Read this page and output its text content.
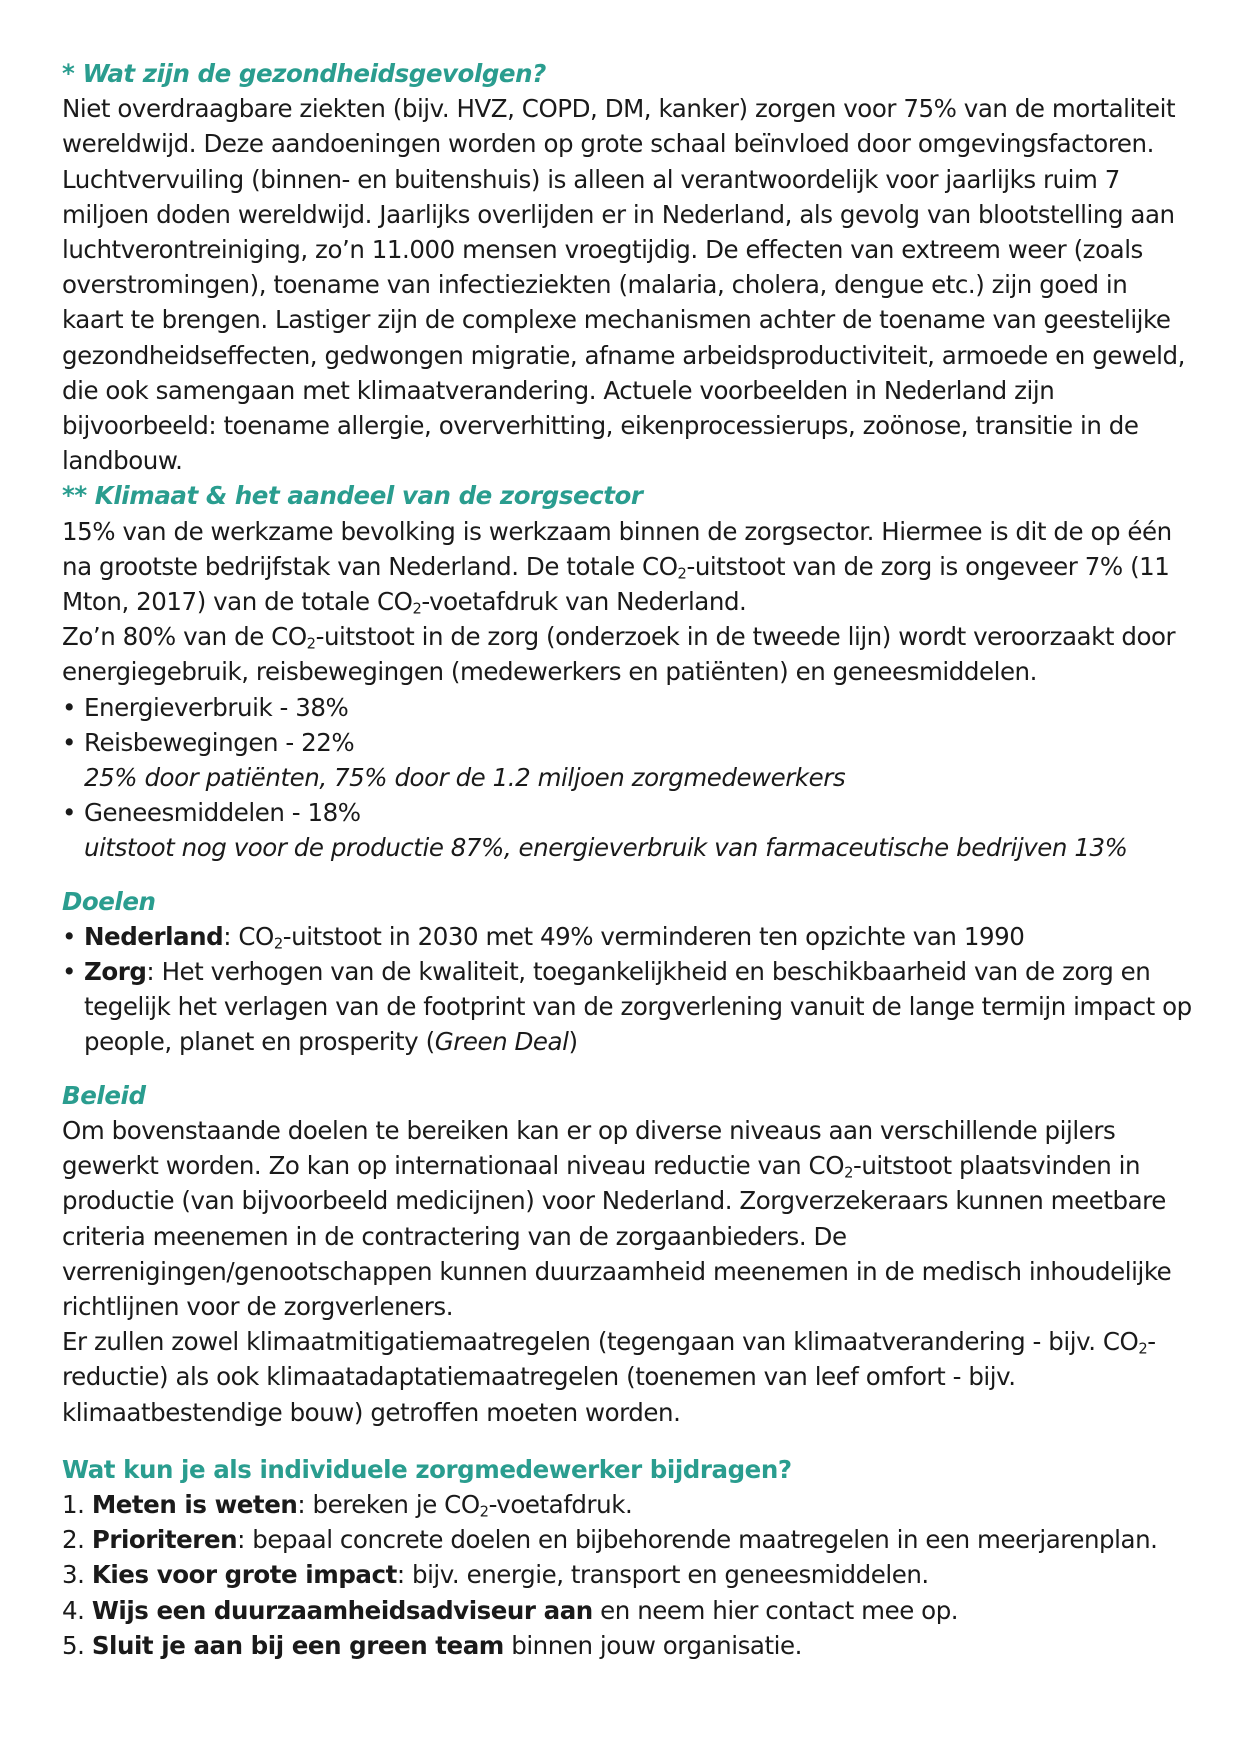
* Wat zijn de gezondheidsgevolgen?

Niet overdraagbare ziekten (bijv. HVZ, COPD, DM, kanker) zorgen voor 75% van de mortaliteit wereldwijd. Deze aandoeningen worden op grote schaal beïnvloed door omgevingsfactoren. Luchtvervuiling (binnen- en buitenshuis) is alleen al verantwoordelijk voor jaarlijks ruim 7 miljoen doden wereldwijd. Jaarlijks overlijden er in Nederland, als gevolg van blootstelling aan luchtverontreiniging, zo’n 11.000 mensen vroegtijdig. De effecten van extreem weer (zoals overstromingen), toename van infectieziekten (malaria, cholera, dengue etc.) zijn goed in kaart te brengen. Lastiger zijn de complexe mechanismen achter de toename van geestelijke gezondheidseffecten, gedwongen migratie, afname arbeidsproductiviteit, armoede en geweld, die ook samengaan met klimaatverandering. Actuele voorbeelden in Nederland zijn bijvoorbeeld: toename allergie, oververhitting, eikenprocessierups, zoönose, transitie in de landbouw.

** Klimaat & het aandeel van de zorgsector

15% van de werkzame bevolking is werkzaam binnen de zorgsector. Hiermee is dit de op één na grootste bedrijfstak van Nederland. De totale $CO_2$-uitstoot van de zorg is ongeveer 7% (11 Mton, 2017) van de totale $CO_2$-voetafdruk van Nederland.

Zo’n 80% van de $CO_2$-uitstoot in de zorg (onderzoek in de tweede lijn) wordt veroorzaakt door energiegebruik, reisbewegingen (medewerkers en patiënten) en geneesmiddelen.

• Energieverbruik - 38%
• Reisbewegingen - 22%
25% door patiënten, 75% door de 1.2 miljoen zorgmedewerkers
• Geneesmiddelen - 18%
uitstoot nog voor de productie 87%, energieverbruik van farmaceutische bedrijven 13%
Doelen
• Nederland: $CO_2$-uitstoot in 2030 met 49% verminderen ten opzichte van 1990
• Zorg: Het verhogen van de kwaliteit, toegankelijkheid en beschikbaarheid van de zorg en tegelijk het verlagen van de footprint van de zorgverlening vanuit de lange termijn impact op people, planet en prosperity (Green Deal)
Beleid

Om bovenstaande doelen te bereiken kan er op diverse niveaus aan verschillende pijlers gewerkt worden. Zo kan op internationaal niveau reductie van $CO_2$-uitstoot plaatsvinden in productie (van bijvoorbeeld medicijnen) voor Nederland. Zorgverzekeraars kunnen meetbare criteria meenemen in de contractering van de zorgaanbieders. De verrenigingen/genootschappen kunnen duurzaamheid meenemen in de medisch inhoudelijke richtlijnen voor de zorgverleners.

Er zullen zowel klimaatmitigatiemaatregelen (tegengaan van klimaatverandering - bijv. $CO_2-reductie$) als ook klimaatadaptatiemaatregelen (toenemen van leef omfort - bijv. klimaatbestendige bouw) getroffen moeten worden.

Wat kun je als individuele zorgmedewerker bijdragen?
1. Meten is weten: bereken je $CO_2$-voetafdruk.
2. Prioriteren: bepaal concrete doelen en bijbehorende maatregelen in een meerjarenplan.
3. Kies voor grote impact: bijv. energie, transport en geneesmiddelen.
4. Wijs een duurzaamheidsadviseur aan en neem hier contact mee op.
5. Sluit je aan bij een green team binnen jouw organisatie.
